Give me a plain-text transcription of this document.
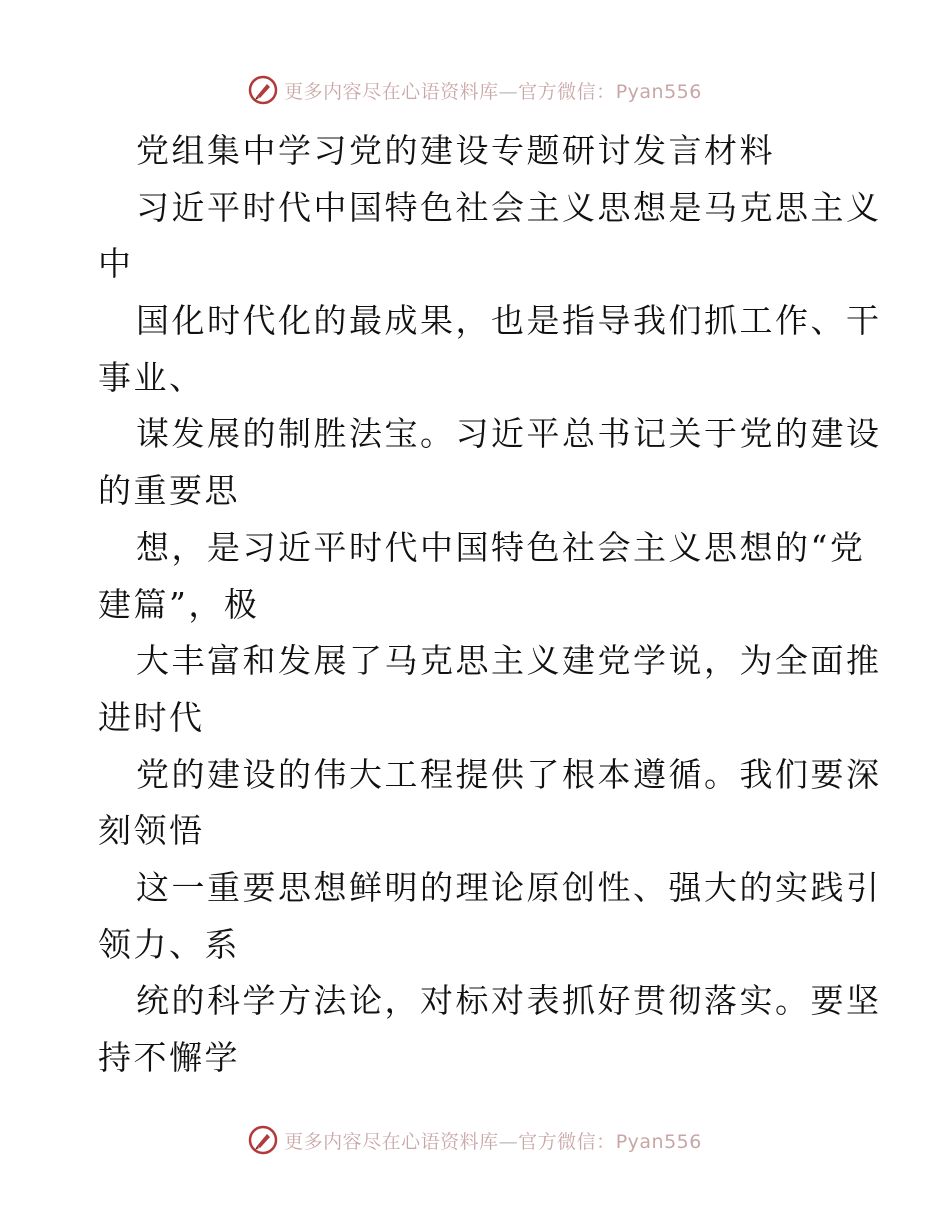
更多内容尽在心语资料库—官方微信：Pyan556
党组集中学习党的建设专题研讨发言材料
习近平时代中国特色社会主义思想是马克思主义
中
国化时代化的最成果，也是指导我们抓工作、干
事业、
谋发展的制胜法宝。习近平总书记关于党的建设
的重要思
想，是习近平时代中国特色社会主义思想的“党
建篇”，极
大丰富和发展了马克思主义建党学说，为全面推
进时代
党的建设的伟大工程提供了根本遵循。我们要深
刻领悟
这一重要思想鲜明的理论原创性、强大的实践引
领力、系
统的科学方法论，对标对表抓好贯彻落实。要坚
持不懈学
更多内容尽在心语资料库—官方微信：Pyan556
